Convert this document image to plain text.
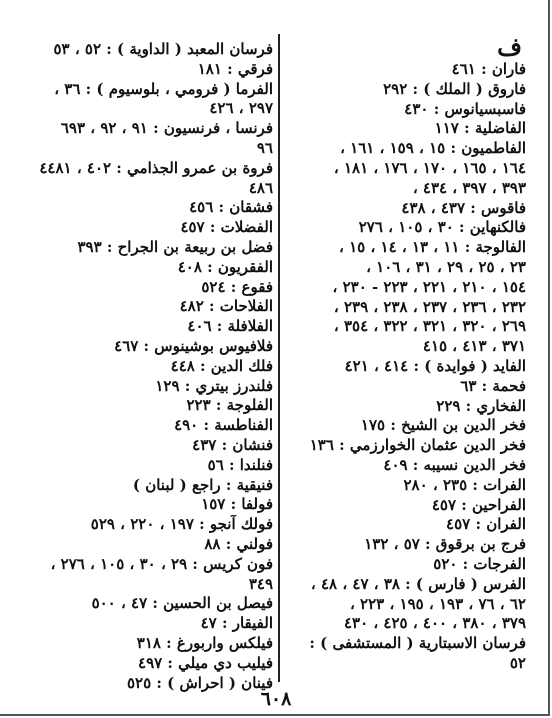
ف
فاران : ٤٦١
فاروق ( الملك ) : ٢٩٢
فاسبسيانوس : ٤٣٠
الفاضلية : ١١٧
الفاطميون : ١٥ ، ١٥٩ ، ١٦١ ،
١٦٤ ، ١٦٥ ، ١٧٠ ، ١٧٦ ، ١٨١ ،
٣٩٣ ، ٣٩٧ ، ٤٣٤ ،
فاقوس : ٤٣٧ ، ٤٣٨
فالكنهاين : ٣٠ ، ١٠٥ ، ٢٧٦
الفالوجة : ١١ ، ١٣ ، ١٤ ، ١٥ ،
٢٣ ، ٢٥ ، ٢٩ ، ٣١ ، ١٠٦ ،
١٥٤ ، ٢١٠ ، ٢٢١ ، ٢٢٣ - ٢٣٠ ،
٢٣٢ ، ٢٣٦ ، ٢٣٧ ، ٢٣٨ ، ٢٣٩ ،
٢٦٩ ، ٣٢٠ ، ٣٢١ ، ٣٢٢ ، ٣٥٤ ،
٣٧١ ، ٤١٣ ، ٤١٥
الفايد ( فوايدة ) : ٤١٤ ، ٤٢١
فحمة : ٦٣
الفخاري : ٢٢٩
فخر الدين بن الشيخ : ١٧٥
فخر الدين عثمان الخوارزمي : ١٣٦
فخر الدين نسيبه : ٤٠٩
الفرات : ٢٣٥ ، ٢٨٠
الفراحين : ٤٥٧
الفران : ٤٥٧
فرج بن برقوق : ٥٧ ، ١٣٢
الفرجات : ٥٢٠
الفرس ( فارس ) : ٣٨ ، ٤٧ ، ٤٨ ،
٦٢ ، ٧٦ ، ١٩٣ ، ١٩٥ ، ٢٢٣ ،
٣٧٩ ، ٣٨٠ ، ٤٠٠ ، ٤٢٥ ، ٤٣٠
فرسان الاسبتارية ( المستشفى ) :
٥٢
فرسان المعبد ( الداوية ) : ٥٢ ، ٥٣
فرقي : ١٨١
الفرما ( فرومي ، بلوسيوم ) : ٣٦ ،
٢٩٧ ، ٤٢٦
فرنسا ، فرنسيون : ٩١ ، ٩٢ ، ٦٩٣
٩٦
فروة بن عمرو الجذامي : ٤٠٢ ، ٤٤٨١
٤٨٦
فشقان : ٤٥٦
الفضلات : ٤٥٧
فضل بن ربيعة بن الجراح : ٣٩٣
الفقريون : ٤٠٨
فقوع : ٥٢٤
الفلاحات : ٤٨٢
الفلافلة : ٤٠٦
فلافيوس بوشينوس : ٤٦٧
فلك الدين : ٤٤٨
فلندرز بيتري : ١٢٩
الفلوجة : ٢٢٣
الفناطسة : ٤٩٠
فنشان : ٤٣٧
فنلندا : ٥٦
فنيقية : راجع ( لبنان )
فولفا : ١٥٧
فولك آنجو : ١٩٧ ، ٢٢٠ ، ٥٢٩
فولني : ٨٨
فون كريس : ٢٩ ، ٣٠ ، ١٠٥ ، ٢٧٦ ،
٣٤٩
فيصل بن الحسين : ٤٧ ، ٥٠٠
الفيقار : ٤٧
فيلكس واربورغ : ٣١٨
فيليب دي ميلي : ٤٩٧
فينان ( احراش ) : ٥٢٥
٦٠٨
